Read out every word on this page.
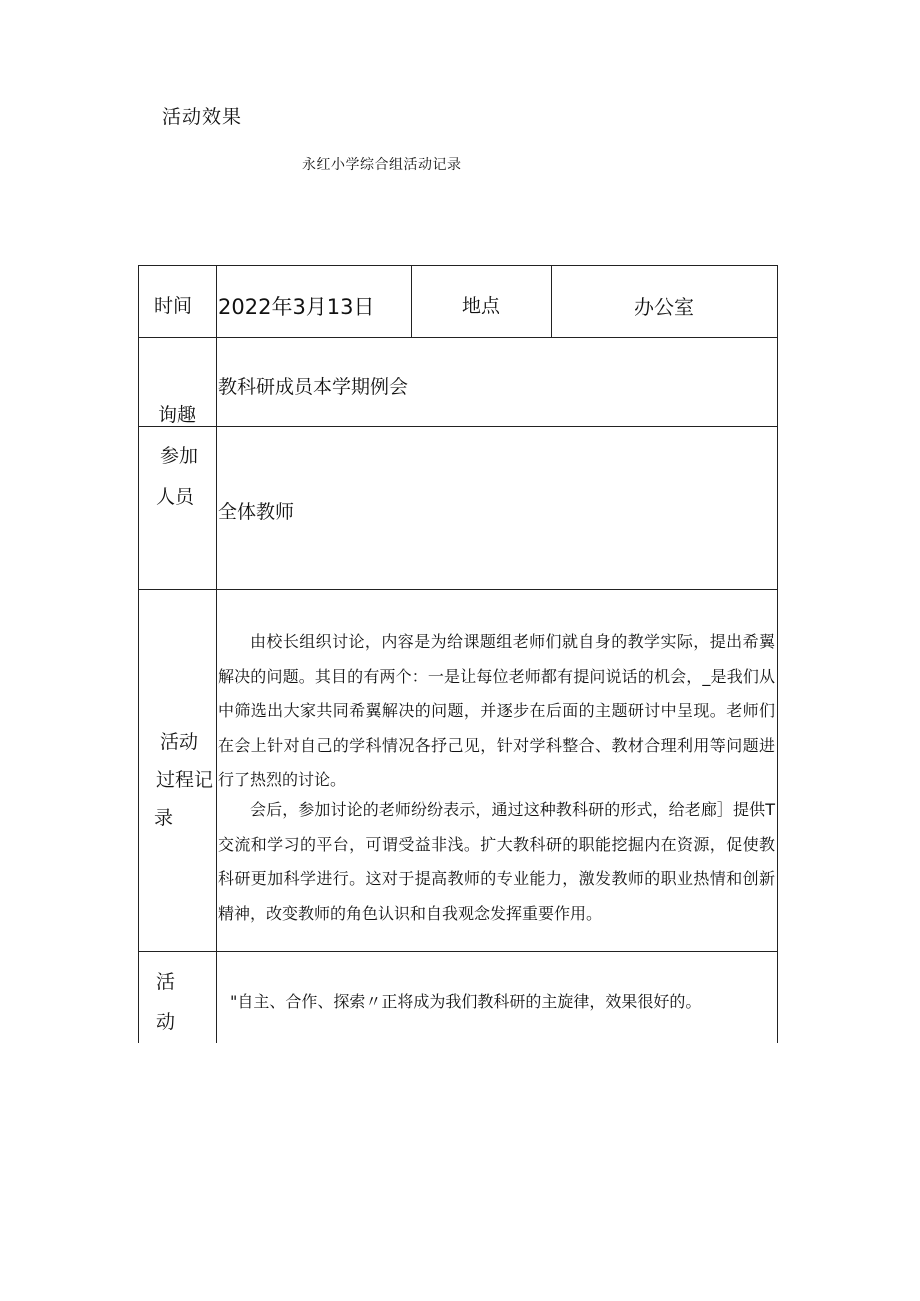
活动效果
永红小学综合组活动记录
时间 2022年3月13日	地点	办公室
询趣
教科研成员本学期例会
参加
人员
全体教师
活动
过程记
录

由校长组织讨论，内容是为给课题组老师们就自身的教学实际，提出希翼解决的问题。其目的有两个：一是让每位老师都有提问说话的机会，_是我们从中筛选出大家共同希翼解决的问题，并逐步在后面的主题研讨中呈现。老师们在会上针对自己的学科情况各抒己见，针对学科整合、教材合理利用等问题进行了热烈的讨论。

会后，参加讨论的老师纷纷表示，通过这种教科研的形式，给老廊］提供T交流和学习的平台，可谓受益非浅。扩大教科研的职能挖掘内在资源，促使教科研更加科学进行。这对于提高教师的专业能力，激发教师的职业热情和创新精神，改变教师的角色认识和自我观念发挥重要作用。

活
动
"自主、合作、探索〃正将成为我们教科研的主旋律，效果很好的。
